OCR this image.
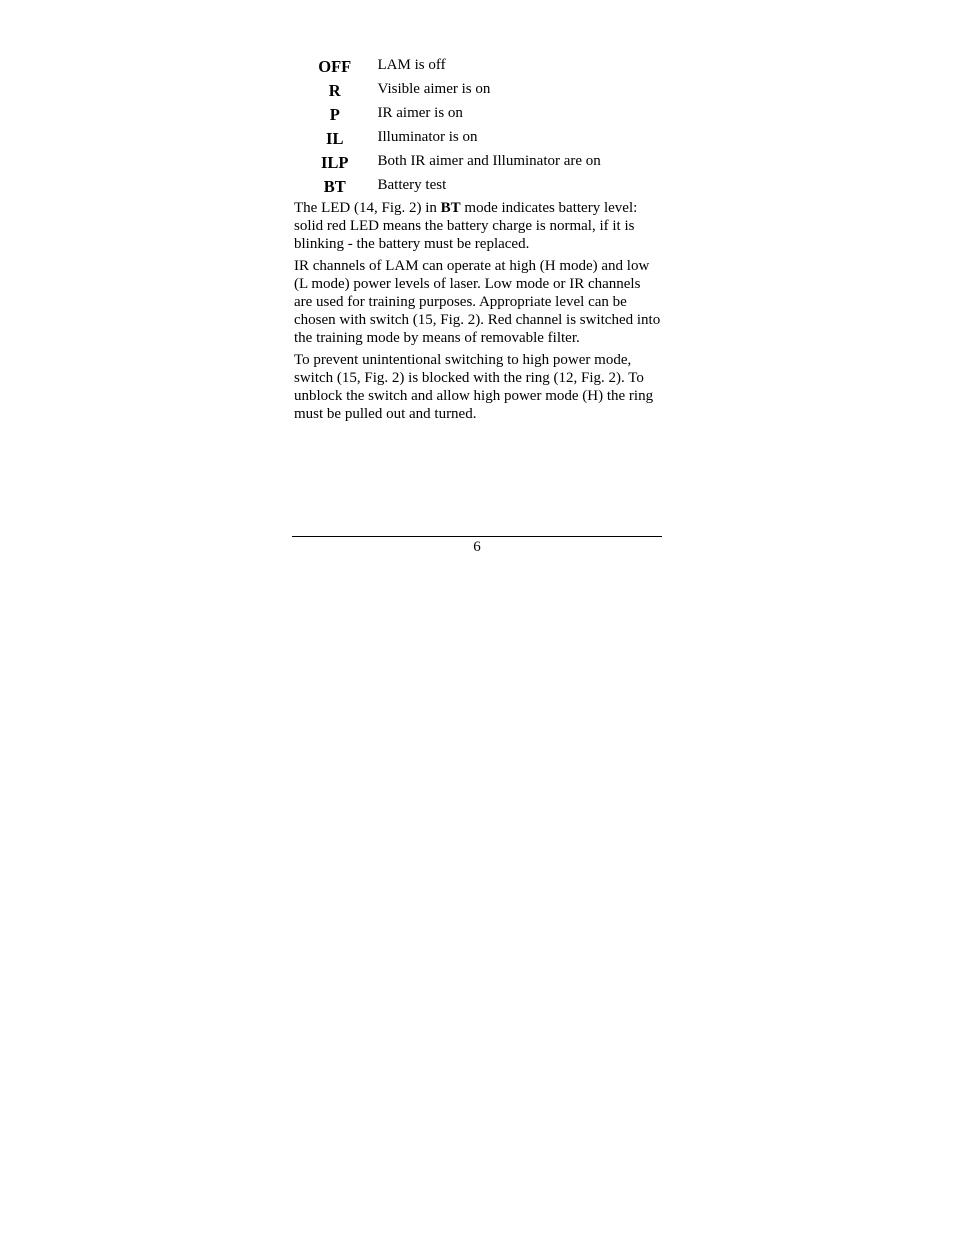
OFF	LAM is off
R	Visible aimer is on
P	IR aimer is on
IL	Illuminator is on
ILP	Both IR aimer and Illuminator are on
BT	Battery test

The LED (14, Fig. 2) in BT mode indicates battery level: solid red LED means the battery charge is normal, if it is blinking - the battery must be replaced.

IR channels of LAM can operate at high (H mode) and low (L mode) power levels of laser. Low mode or IR channels are used for training purposes. Appropriate level can be chosen with switch (15, Fig. 2). Red channel is switched into the training mode by means of removable filter.

To prevent unintentional switching to high power mode, switch (15, Fig. 2) is blocked with the ring (12, Fig. 2). To unblock the switch and allow high power mode (H) the ring must be pulled out and turned.

6
